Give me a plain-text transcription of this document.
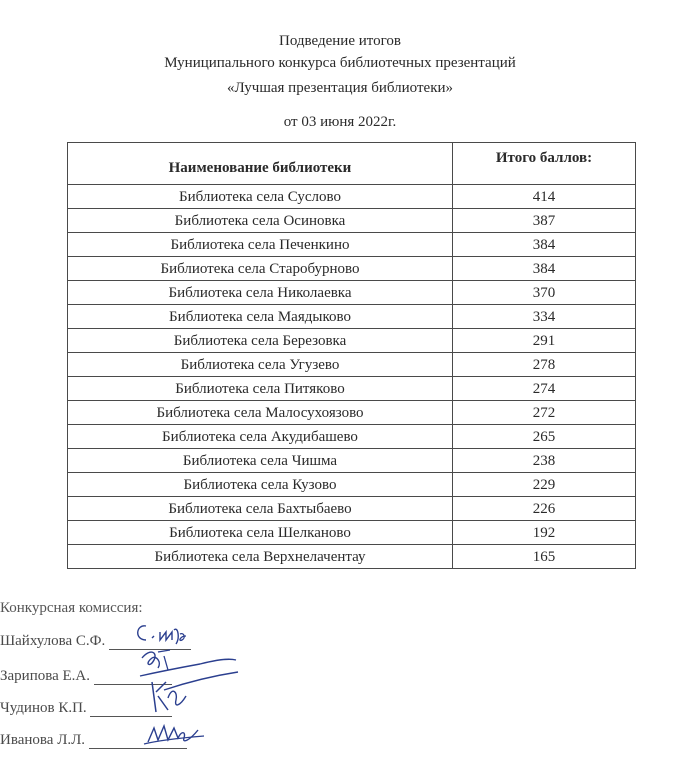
Подведение итогов
Муниципального конкурса библиотечных презентаций
«Лучшая презентация библиотеки»
от 03 июня 2022г.
Наименование библиотеки	Итого баллов:
Библиотека села Суслово	414
Библиотека села Осиновка	387
Библиотека села Печенкино	384
Библиотека села Старобурново	384
Библиотека села Николаевка	370
Библиотека села Маядыково	334
Библиотека села Березовка	291
Библиотека села Угузево	278
Библиотека села Питяково	274
Библиотека села Малосухоязово	272
Библиотека села Акудибашево	265
Библиотека села Чишма	238
Библиотека села Кузово	229
Библиотека села Бахтыбаево	226
Библиотека села Шелканово	192
Библиотека села Верхнелачентау	165
Конкурсная комиссия:
Шайхулова С.Ф.
Зарипова Е.А.
Чудинов К.П.
Иванова Л.Л.
